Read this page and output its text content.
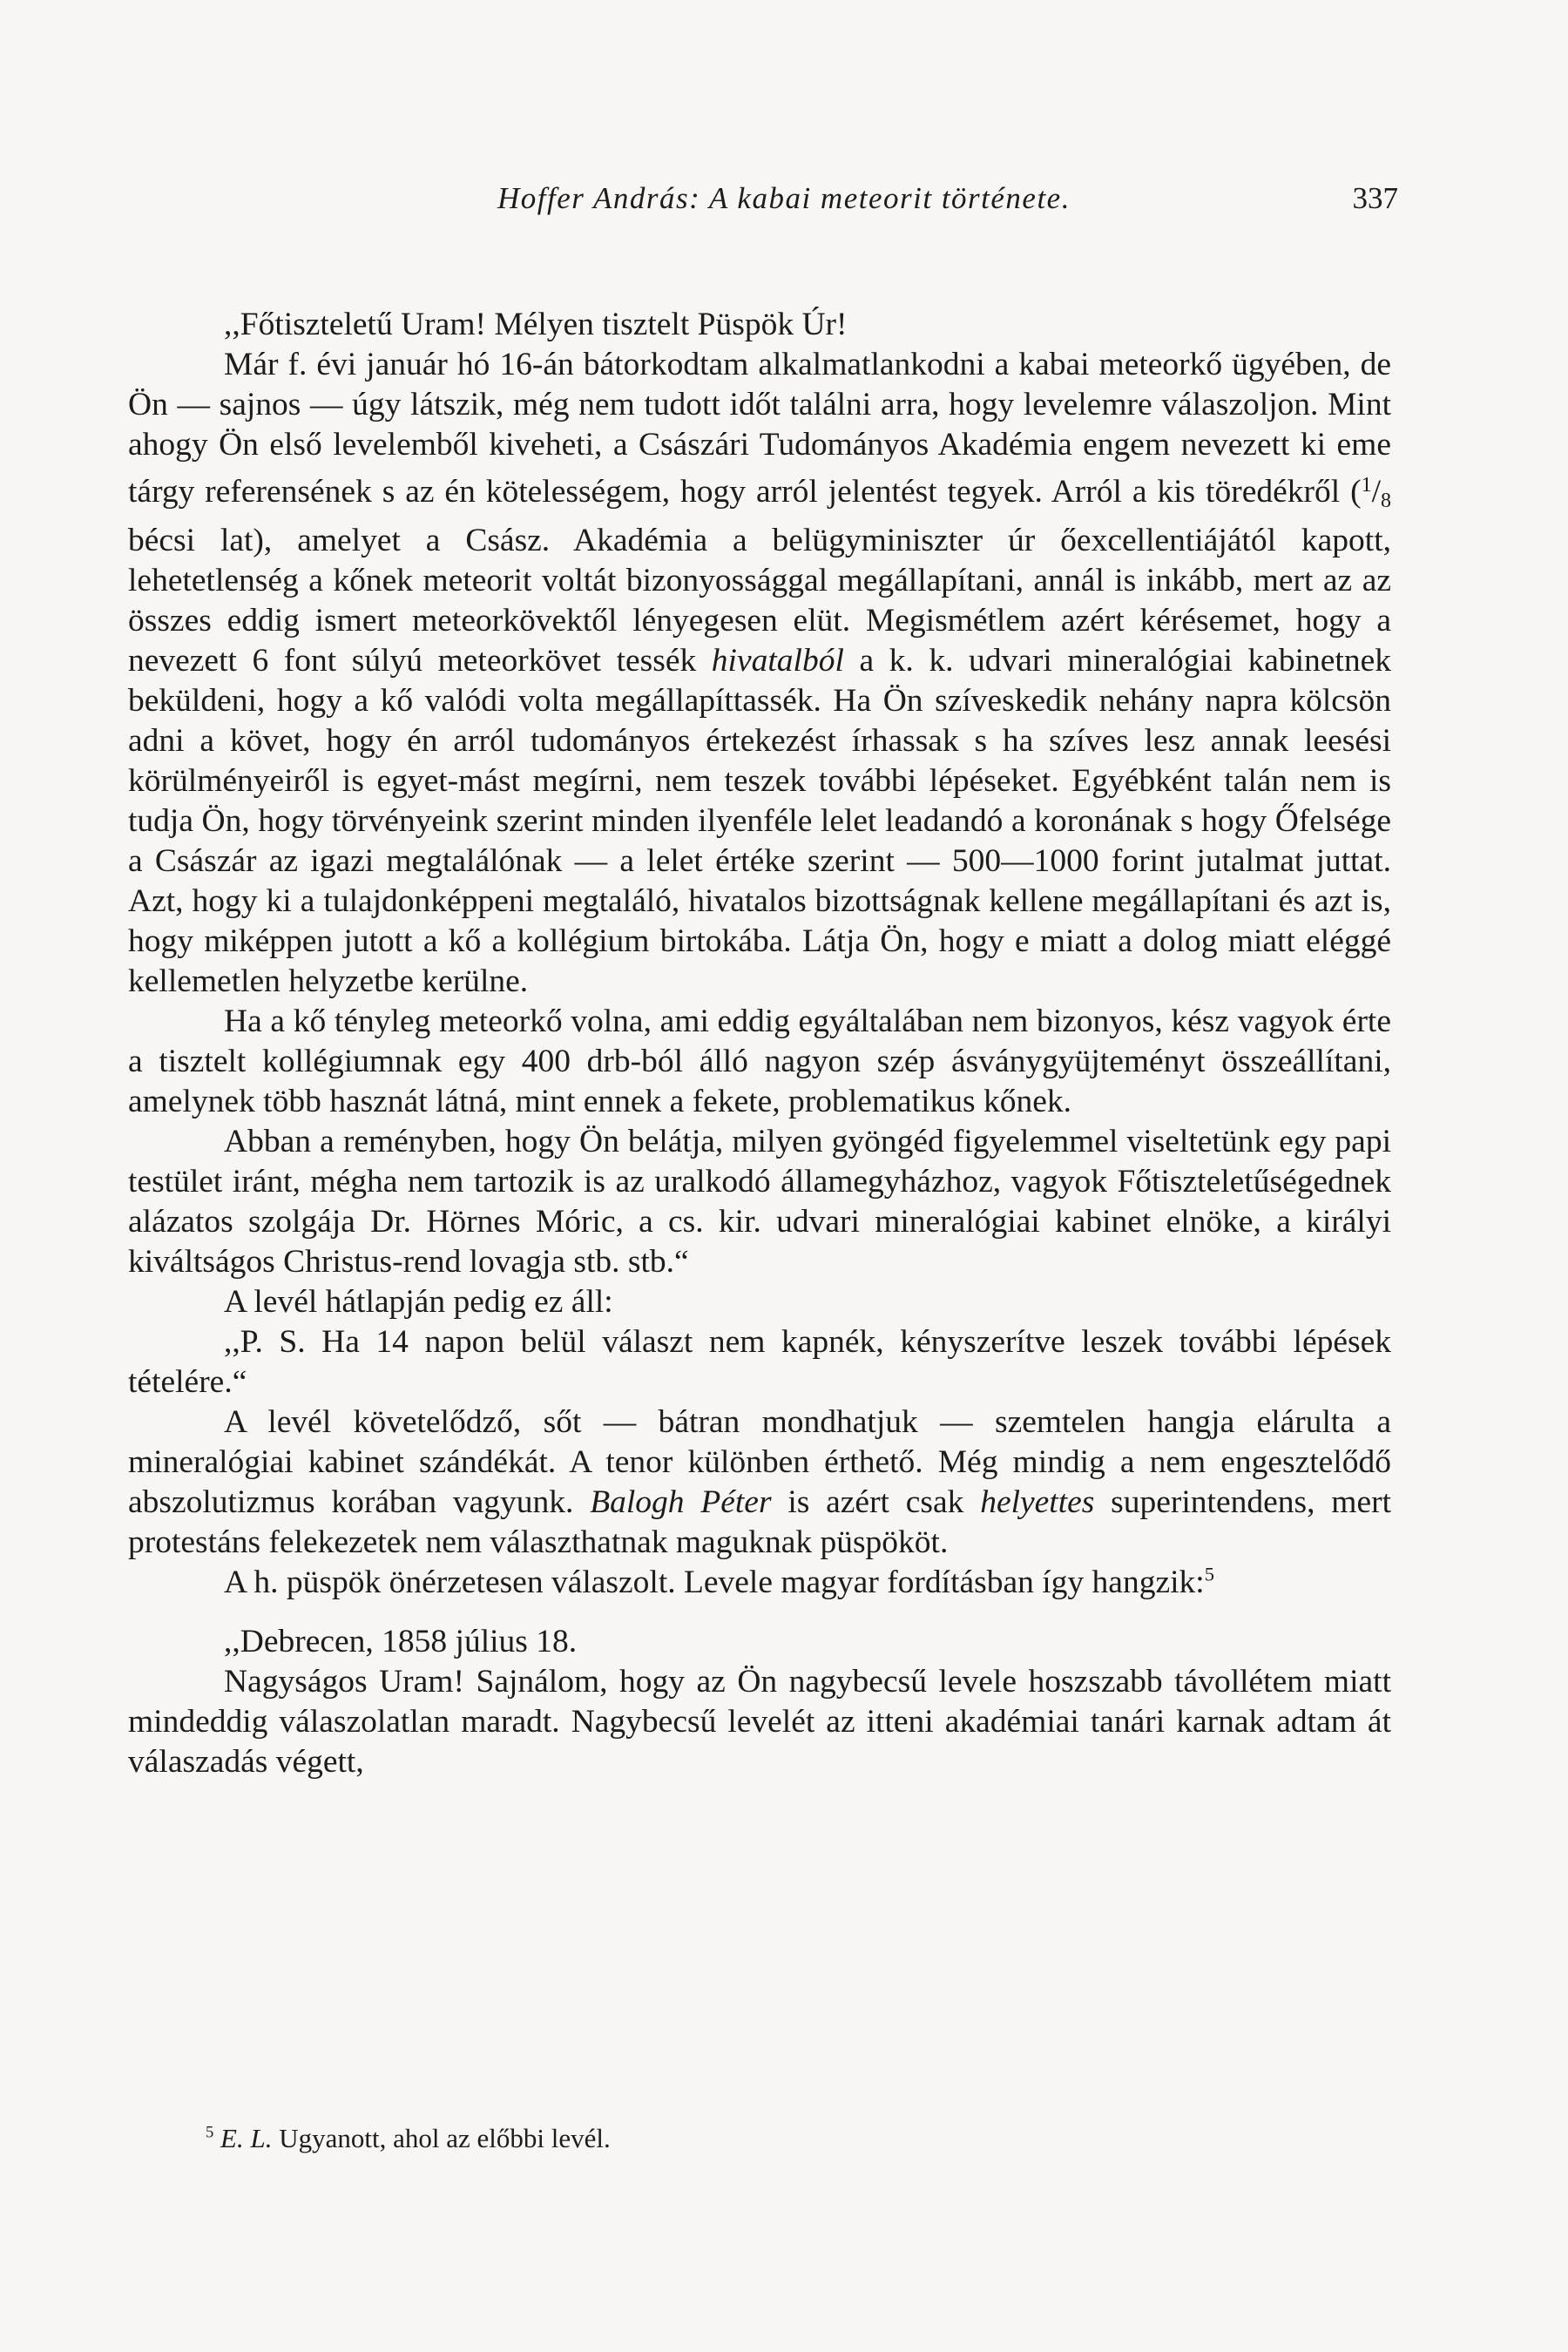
Hoffer András: A kabai meteorit története.	337

,,Főtiszteletű Uram! Mélyen tisztelt Püspök Úr!

Már f. évi január hó 16-án bátorkodtam alkalmatlankodni a kabai meteorkő ügyében, de Ön — sajnos — úgy látszik, még nem tudott időt találni arra, hogy levelemre válaszoljon. Mint ahogy Ön első levelemből kiveheti, a Császári Tudományos Akadémia engem nevezett ki eme tárgy referensének s az én kötelességem, hogy arról jelentést tegyek. Arról a kis töredékről ($^1$/8 bécsi lat), amelyet a Csász. Akadémia a belügyminiszter úr őexcellentiájától kapott, lehetetlenség a kőnek meteorit voltát bizonyossággal megállapítani, annál is inkább, mert az az összes eddig ismert meteorkövektől lényegesen elüt. Megismétlem azért kérésemet, hogy a nevezett 6 font súlyú meteorkövet tessék hivatalból a k. k. udvari mineralógiai kabinetnek beküldeni, hogy a kő valódi volta megállapíttassék. Ha Ön szíveskedik nehány napra kölcsön adni a követ, hogy én arról tudományos értekezést írhassak s ha szíves lesz annak leesési körülményeiről is egyet-mást megírni, nem teszek további lépéseket. Egyébként talán nem is tudja Ön, hogy törvényeink szerint minden ilyenféle lelet leadandó a koronának s hogy Őfelsége a Császár az igazi megtalálónak — a lelet értéke szerint — 500—1000 forint jutalmat juttat. Azt, hogy ki a tulajdonképpeni megtaláló, hivatalos bizottságnak kellene megállapítani és azt is, hogy miképpen jutott a kő a kollégium birtokába. Látja Ön, hogy e miatt a dolog miatt eléggé kellemetlen helyzetbe kerülne.

Ha a kő tényleg meteorkő volna, ami eddig egyáltalában nem bizonyos, kész vagyok érte a tisztelt kollégiumnak egy 400 drb-ból álló nagyon szép ásványgyüjteményt összeállítani, amelynek több hasznát látná, mint ennek a fekete, problematikus kőnek.

Abban a reményben, hogy Ön belátja, milyen gyöngéd figyelemmel viseltetünk egy papi testület iránt, mégha nem tartozik is az uralkodó államegyházhoz, vagyok Főtiszteletűségednek alázatos szolgája Dr. Hörnes Móric, a cs. kir. udvari mineralógiai kabinet elnöke, a királyi kiváltságos Christus-rend lovagja stb. stb.“

A levél hátlapján pedig ez áll:

,,P. S. Ha 14 napon belül választ nem kapnék, kényszerítve leszek további lépések tételére.“

A levél követelődző, sőt — bátran mondhatjuk — szemtelen hangja elárulta a mineralógiai kabinet szándékát. A tenor különben érthető. Még mindig a nem engesztelődő abszolutizmus korában vagyunk. Balogh Péter is azért csak helyettes superintendens, mert protestáns felekezetek nem választhatnak maguknak püspököt.

A h. püspök önérzetesen válaszolt. Levele magyar fordításban így hangzik:$^5$

,,Debrecen, 1858 július 18.

Nagyságos Uram! Sajnálom, hogy az Ön nagybecsű levele hoszszabb távollétem miatt mindeddig válaszolatlan maradt. Nagybecsű levelét az itteni akadémiai tanári karnak adtam át válaszadás végett,

$^5$ E. L. Ugyanott, ahol az előbbi levél.
